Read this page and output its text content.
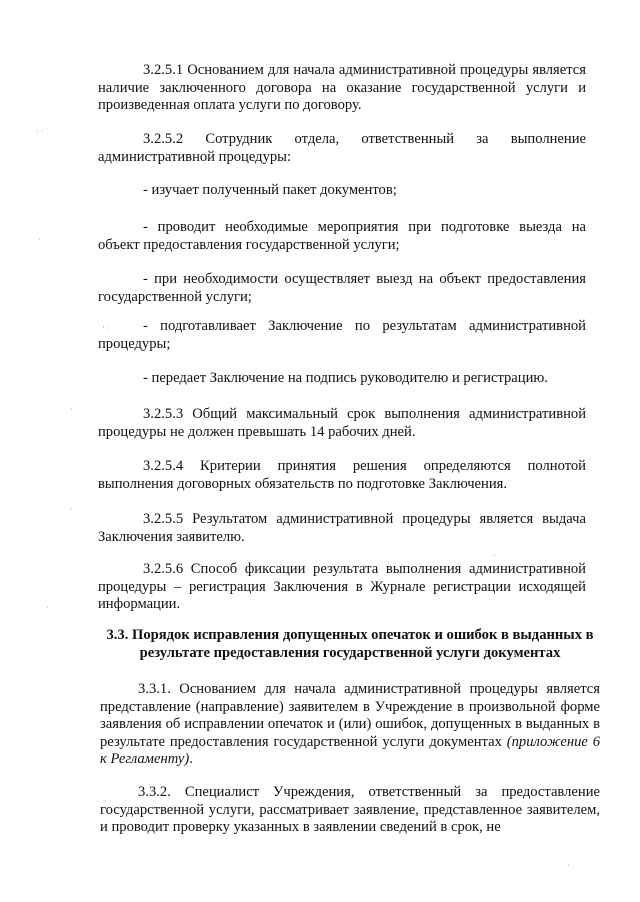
3.2.5.1 Основанием для начала административной процедуры является наличие заключенного договора на оказание государственной услуги и произведенная оплата услуги по договору.

3.2.5.2 Сотрудник отдела, ответственный за выполнение административной процедуры:

- изучает полученный пакет документов;

- проводит необходимые мероприятия при подготовке выезда на объект предоставления государственной услуги;

- при необходимости осуществляет выезд на объект предоставления государственной услуги;

- подготавливает Заключение по результатам административной процедуры;

- передает Заключение на подпись руководителю и регистрацию.

3.2.5.3 Общий максимальный срок выполнения административной процедуры не должен превышать 14 рабочих дней.

3.2.5.4 Критерии принятия решения определяются полнотой выполнения договорных обязательств по подготовке Заключения.

3.2.5.5 Результатом административной процедуры является выдача Заключения заявителю.

3.2.5.6 Способ фиксации результата выполнения административной процедуры – регистрация Заключения в Журнале регистрации исходящей информации.

3.3. Порядок исправления допущенных опечаток и ошибок в выданных в результате предоставления государственной услуги документах

3.3.1. Основанием для начала административной процедуры является представление (направление) заявителем в Учреждение в произвольной форме заявления об исправлении опечаток и (или) ошибок, допущенных в выданных в результате предоставления государственной услуги документах (приложение 6 к Регламенту).

3.3.2. Специалист Учреждения, ответственный за предоставление государственной услуги, рассматривает заявление, представленное заявителем, и проводит проверку указанных в заявлении сведений в срок, не

· · ˙
·
ⁱ ·
·
˙
·
·
ˌ
·
·
